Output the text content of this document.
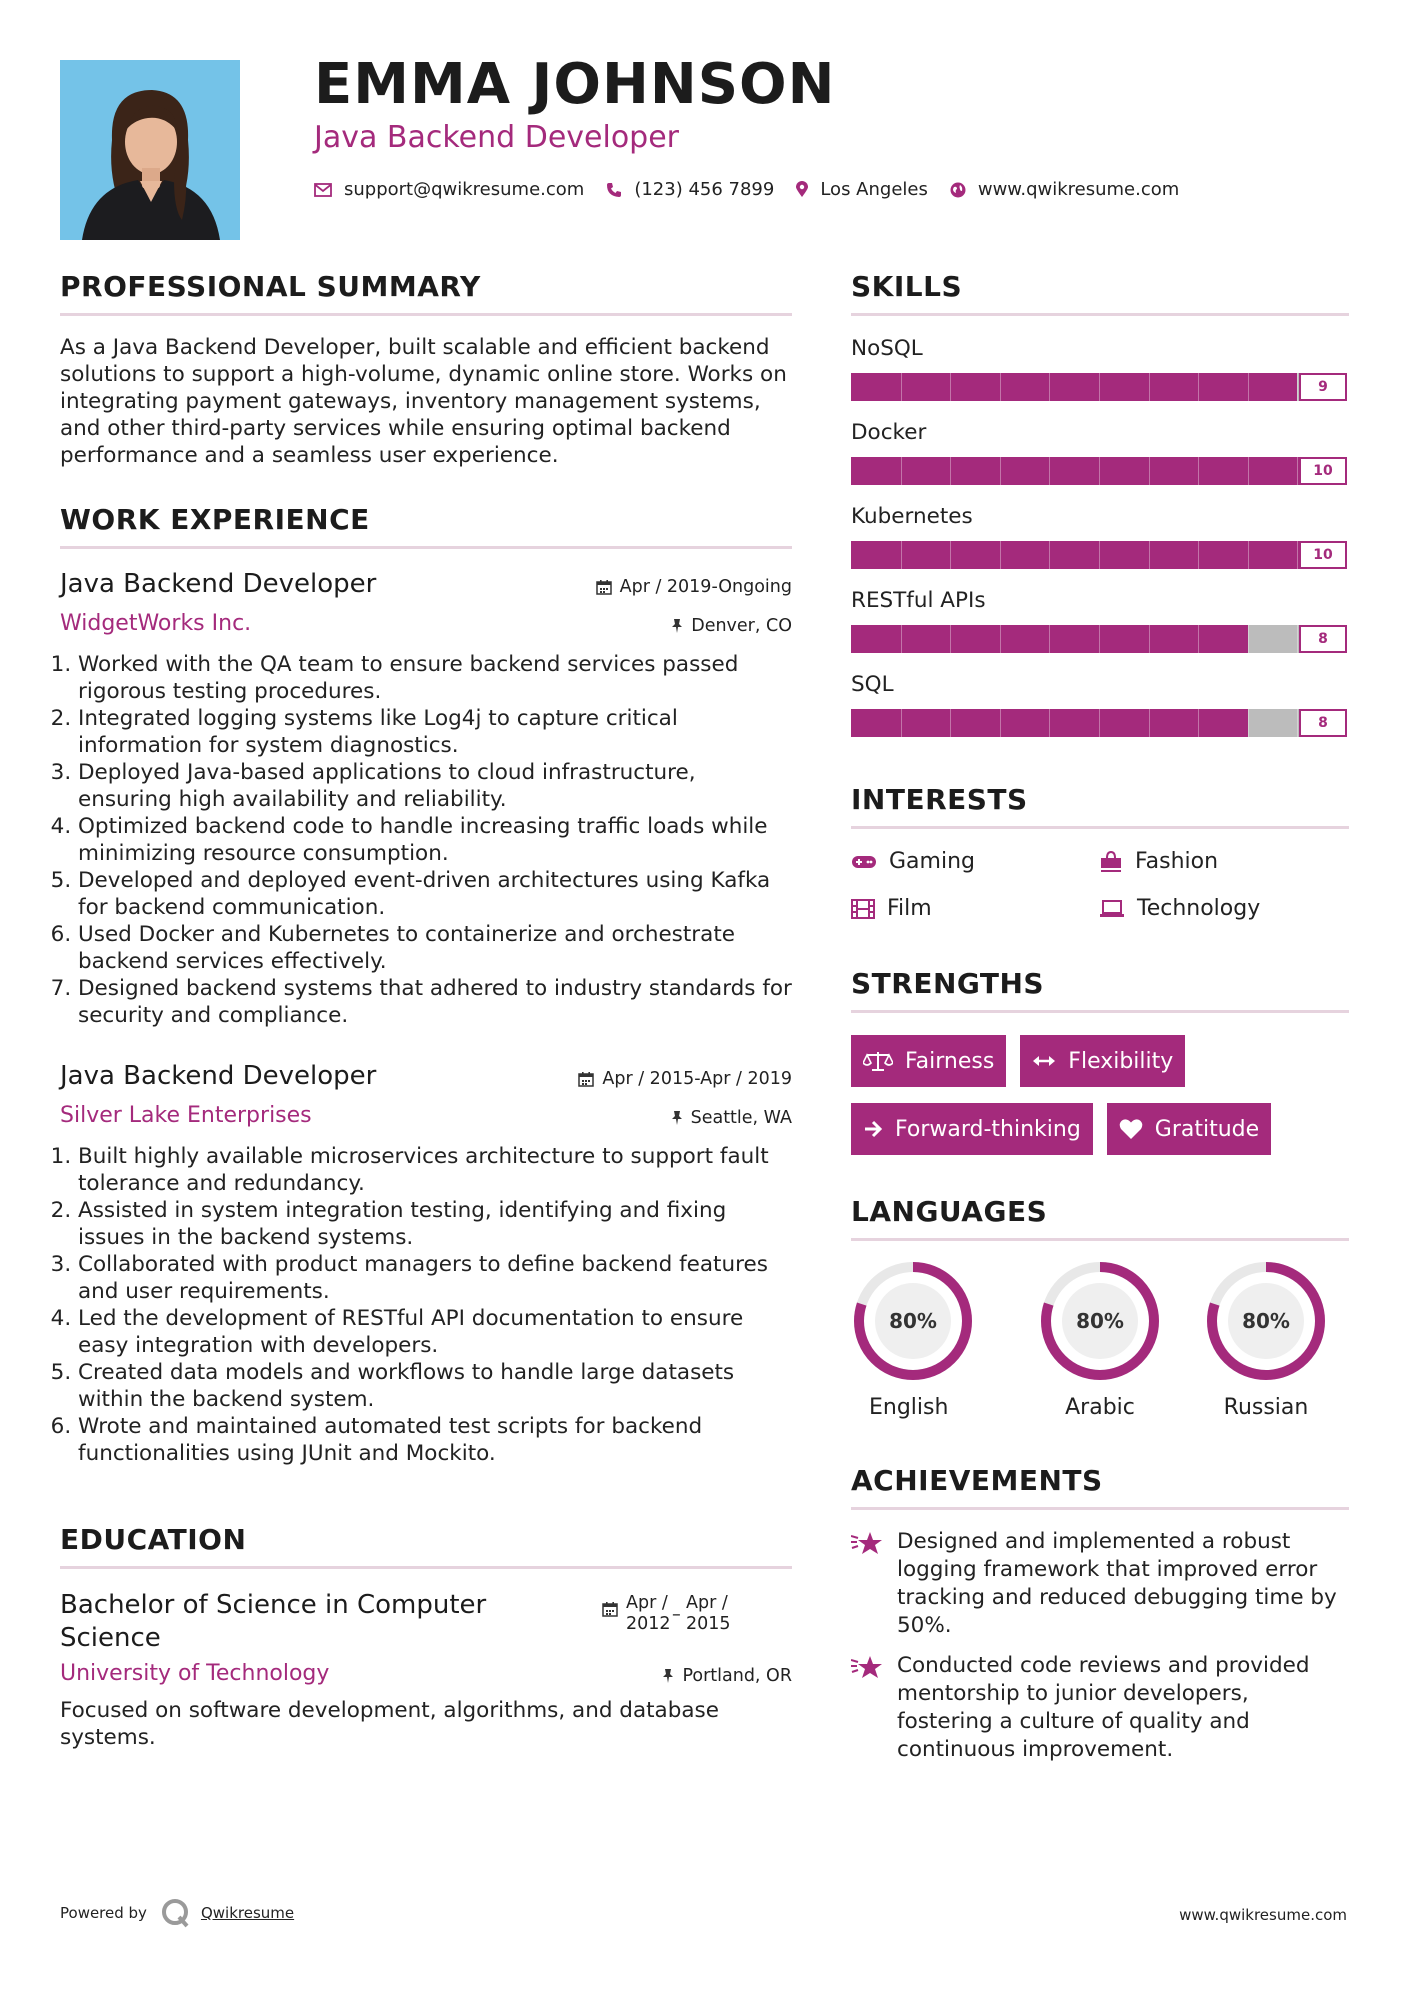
EMMA JOHNSON
Java Backend Developer
support@qwikresume.com	(123) 456 7899	Los Angeles	www.qwikresume.com
PROFESSIONAL SUMMARY

As a Java Backend Developer, built scalable and efficient backend solutions to support a high-volume, dynamic online store. Works on integrating payment gateways, inventory management systems, and other third-party services while ensuring optimal backend performance and a seamless user experience.

WORK EXPERIENCE
Java Backend Developer	Apr / 2019-Ongoing
WidgetWorks Inc.	Denver, CO
1. Worked with the QA team to ensure backend services passed rigorous testing procedures.
2. Integrated logging systems like Log4j to capture critical information for system diagnostics.
3. Deployed Java-based applications to cloud infrastructure, ensuring high availability and reliability.
4. Optimized backend code to handle increasing traffic loads while minimizing resource consumption.
5. Developed and deployed event-driven architectures using Kafka for backend communication.
6. Used Docker and Kubernetes to containerize and orchestrate backend services effectively.
7. Designed backend systems that adhered to industry standards for security and compliance.
Java Backend Developer	Apr / 2015-Apr / 2019
Silver Lake Enterprises	Seattle, WA
1. Built highly available microservices architecture to support fault tolerance and redundancy.
2. Assisted in system integration testing, identifying and fixing issues in the backend systems.
3. Collaborated with product managers to define backend features and user requirements.
4. Led the development of RESTful API documentation to ensure easy integration with developers.
5. Created data models and workflows to handle large datasets within the backend system.
6. Wrote and maintained automated test scripts for backend functionalities using JUnit and Mockito.
EDUCATION
Bachelor of Science in Computer Science
Apr / 2012 –
Apr / 2015
University of Technology	Portland, OR

Focused on software development, algorithms, and database systems.

SKILLS
NoSQL
9
Docker
10
Kubernetes
10
RESTful APIs
8
SQL
8
INTERESTS
Gaming	Fashion
Film	Technology
STRENGTHS
Fairness	Flexibility
Forward-thinking	Gratitude
LANGUAGES
80%
English
80%
Arabic
80%
Russian
ACHIEVEMENTS
Designed and implemented a robust logging framework that improved error tracking and reduced debugging time by 50%.
Conducted code reviews and provided mentorship to junior developers, fostering a culture of quality and continuous improvement.
Powered by	Qwikresume	www.qwikresume.com
